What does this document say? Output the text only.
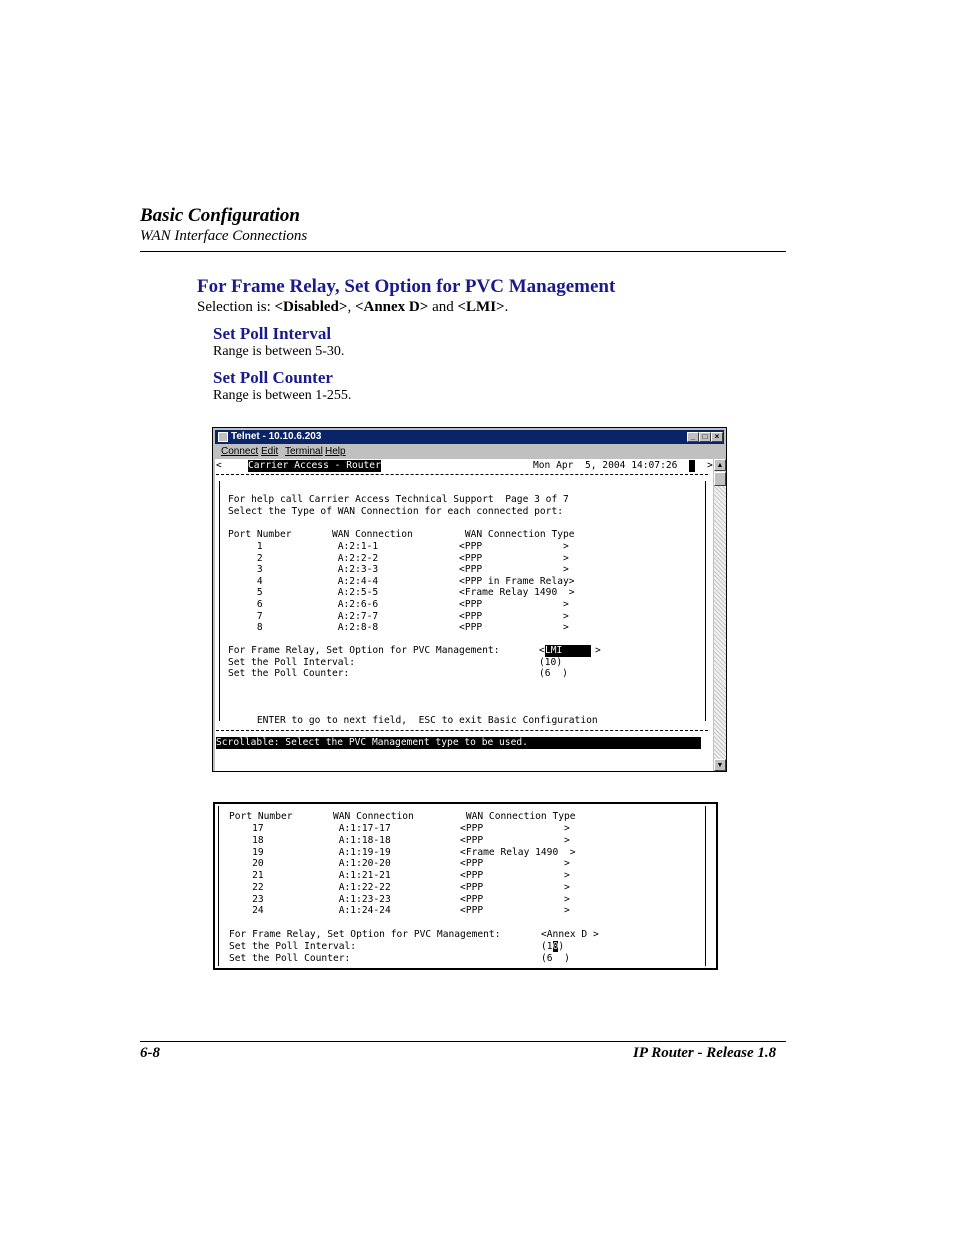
Basic Configuration
WAN Interface Connections
For Frame Relay, Set Option for PVC Management
Selection is: <Disabled>, <Annex D> and <LMI>.
Set Poll Interval
Range is between 5-30.
Set Poll Counter
Range is between 1-255.
Telnet - 10.10.6.203	_ □ ×
Connect Edit Terminal Help
<	Carrier Access - Router	Mon Apr  5, 2004 14:07:26
	>
For help call Carrier Access Technical Support  Page 3 of 7
Select the Type of WAN Connection for each connected port:
Port Number       WAN Connection         WAN Connection Type
1             A:2:1-1              <PPP              >
2             A:2:2-2              <PPP              >
3             A:2:3-3              <PPP              >
4             A:2:4-4              <PPP in Frame Relay>
5             A:2:5-5              <Frame Relay 1490  >
6             A:2:6-6              <PPP              >
7             A:2:7-7              <PPP              >
8             A:2:8-8              <PPP              >
For Frame Relay, Set Option for PVC Management:	< LMI >
Set the Poll Interval:	(10)
Set the Poll Counter:	(6  )
ENTER to go to next field,  ESC to exit Basic Configuration
Scrollable: Select the PVC Management type to be used.
▲
▼
Port Number       WAN Connection         WAN Connection Type
17             A:1:17-17            <PPP              >
18             A:1:18-18            <PPP              >
19             A:1:19-19            <Frame Relay 1490  >
20             A:1:20-20            <PPP              >
21             A:1:21-21            <PPP              >
22             A:1:22-22            <PPP              >
23             A:1:23-23            <PPP              >
24             A:1:24-24            <PPP              >
For Frame Relay, Set Option for PVC Management:	<Annex D >
Set the Poll Interval:	(10)
Set the Poll Counter:	(6  )
6-8	IP Router - Release 1.8
